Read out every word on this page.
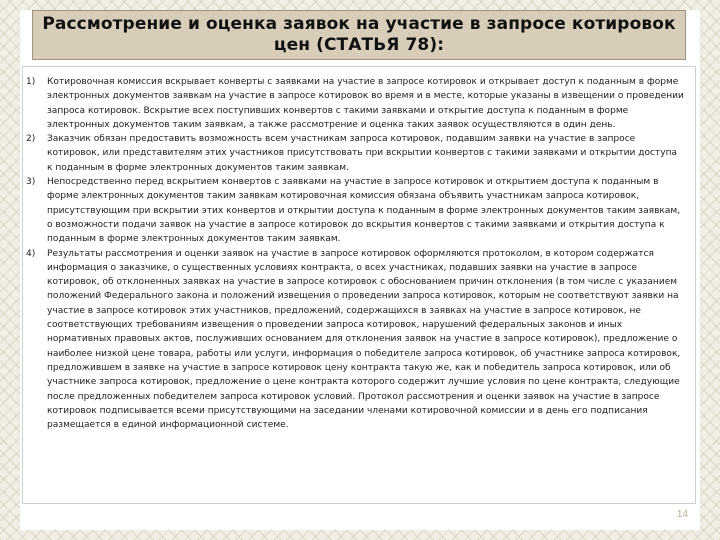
Рассмотрение и оценка заявок на участие в запросе котировок цен (СТАТЬЯ 78):
1) Котировочная комиссия вскрывает конверты с заявками на участие в запросе котировок и открывает доступ к поданным в форме электронных документов заявкам на участие в запросе котировок во время и в месте, которые указаны в извещении о проведении запроса котировок. Вскрытие всех поступивших конвертов с такими заявками и открытие доступа к поданным в форме электронных документов таким заявкам, а также рассмотрение и оценка таких заявок осуществляются в один день.
2) Заказчик обязан предоставить возможность всем участникам запроса котировок, подавшим заявки на участие в запросе котировок, или представителям этих участников присутствовать при вскрытии конвертов с такими заявками и открытии доступа к поданным в форме электронных документов таким заявкам.
3) Непосредственно перед вскрытием конвертов с заявками на участие в запросе котировок и открытием доступа к поданным в форме электронных документов таким заявкам котировочная комиссия обязана объявить участникам запроса котировок, присутствующим при вскрытии этих конвертов и открытии доступа к поданным в форме электронных документов таким заявкам, о возможности подачи заявок на участие в запросе котировок до вскрытия конвертов с такими заявками и открытия доступа к поданным в форме электронных документов таким заявкам.
4) Результаты рассмотрения и оценки заявок на участие в запросе котировок оформляются протоколом, в котором содержатся информация о заказчике, о существенных условиях контракта, о всех участниках, подавших заявки на участие в запросе котировок, об отклоненных заявках на участие в запросе котировок с обоснованием причин отклонения (в том числе с указанием положений Федерального закона и положений извещения о проведении запроса котировок, которым не соответствуют заявки на участие в запросе котировок этих участников, предложений, содержащихся в заявках на участие в запросе котировок, не соответствующих требованиям извещения о проведении запроса котировок, нарушений федеральных законов и иных нормативных правовых актов, послуживших основанием для отклонения заявок на участие в запросе котировок), предложение о наиболее низкой цене товара, работы или услуги, информация о победителе запроса котировок, об участнике запроса котировок, предложившем в заявке на участие в запросе котировок цену контракта такую же, как и победитель запроса котировок, или об участнике запроса котировок, предложение о цене контракта которого содержит лучшие условия по цене контракта, следующие после предложенных победителем запроса котировок условий. Протокол рассмотрения и оценки заявок на участие в запросе котировок подписывается всеми присутствующими на заседании членами котировочной комиссии и в день его подписания размещается в единой информационной системе.
14
